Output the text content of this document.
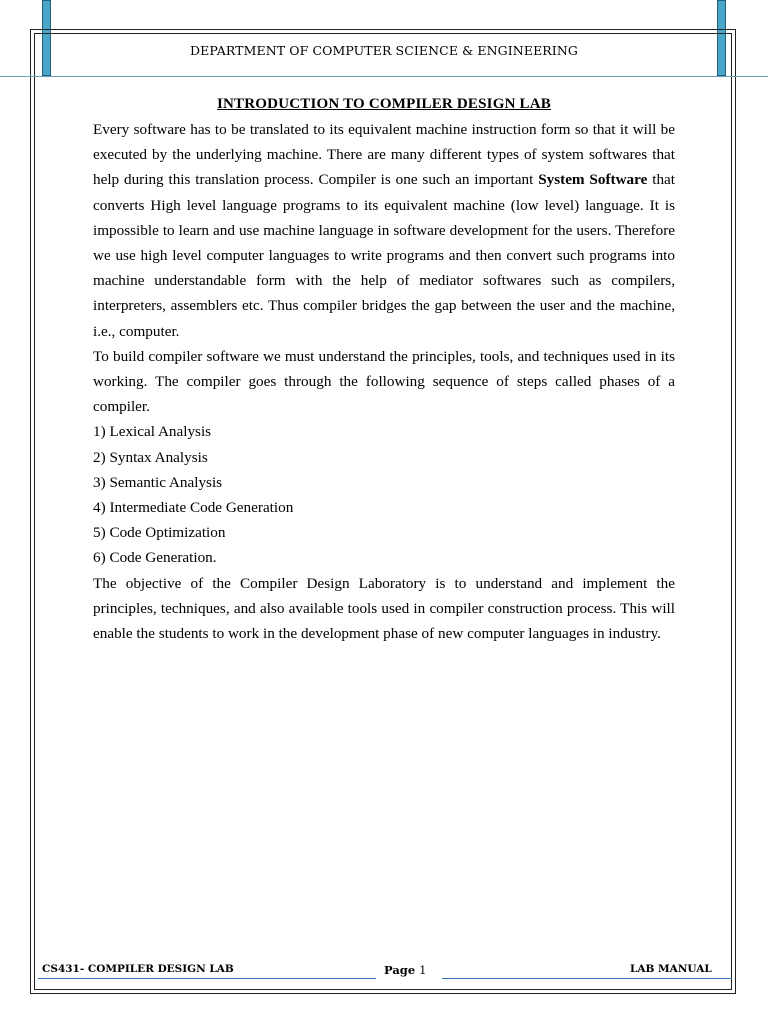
DEPARTMENT OF COMPUTER SCIENCE & ENGINEERING
INTRODUCTION TO COMPILER DESIGN LAB

Every software has to be translated to its equivalent machine instruction form so that it will be executed by the underlying machine. There are many different types of system softwares that help during this translation process. Compiler is one such an important System Software that converts High level language programs to its equivalent machine (low level) language. It is impossible to learn and use machine language in software development for the users. Therefore we use high level computer languages to write programs and then convert such programs into machine understandable form with the help of mediator softwares such as compilers, interpreters, assemblers etc. Thus compiler bridges the gap between the user and the machine, i.e., computer.

To build compiler software we must understand the principles, tools, and techniques used in its working. The compiler goes through the following sequence of steps called phases of a compiler.

1) Lexical Analysis
2) Syntax Analysis
3) Semantic Analysis
4) Intermediate Code Generation
5) Code Optimization
6) Code Generation.

The objective of the Compiler Design Laboratory is to understand and implement the principles, techniques, and also available tools used in compiler construction process. This will enable the students to work in the development phase of new computer languages in industry.

CS431- COMPILER DESIGN LAB	Page 1	LAB MANUAL
